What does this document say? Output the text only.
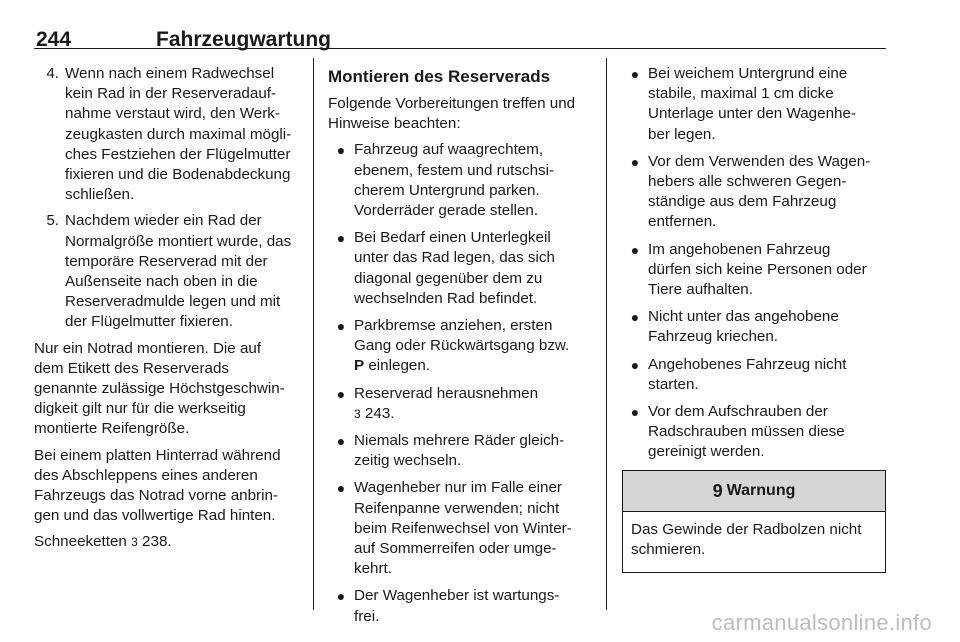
244	Fahrzeugwartung
4. Wenn nach einem Radwechsel
kein Rad in der Reserveradauf-
nahme verstaut wird, den Werk-
zeugkasten durch maximal mögli-
ches Festziehen der Flügelmutter
fixieren und die Bodenabdeckung
schließen.
5. Nachdem wieder ein Rad der
Normalgröße montiert wurde, das
temporäre Reserverad mit der
Außenseite nach oben in die
Reserveradmulde legen und mit
der Flügelmutter fixieren.
Nur ein Notrad montieren. Die auf
dem Etikett des Reserverads
genannte zulässige Höchstgeschwin-
digkeit gilt nur für die werkseitig
montierte Reifengröße.
Bei einem platten Hinterrad während
des Abschleppens eines anderen
Fahrzeugs das Notrad vorne anbrin-
gen und das vollwertige Rad hinten.
Schneeketten 3 238.
Montieren des Reserverads
Folgende Vorbereitungen treffen und
Hinweise beachten:
● Fahrzeug auf waagrechtem,
ebenem, festem und rutschsi-
cherem Untergrund parken.
Vorderräder gerade stellen.
● Bei Bedarf einen Unterlegkeil
unter das Rad legen, das sich
diagonal gegenüber dem zu
wechselnden Rad befindet.
● Parkbremse anziehen, ersten
Gang oder Rückwärtsgang bzw.
P einlegen.
● Reserverad herausnehmen
3 243.
● Niemals mehrere Räder gleich-
zeitig wechseln.
● Wagenheber nur im Falle einer
Reifenpanne verwenden; nicht
beim Reifenwechsel von Winter-
auf Sommerreifen oder umge-
kehrt.
● Der Wagenheber ist wartungs-
frei.
● Bei weichem Untergrund eine
stabile, maximal 1 cm dicke
Unterlage unter den Wagenhe-
ber legen.
● Vor dem Verwenden des Wagen-
hebers alle schweren Gegen-
ständige aus dem Fahrzeug
entfernen.
● Im angehobenen Fahrzeug
dürfen sich keine Personen oder
Tiere aufhalten.
● Nicht unter das angehobene
Fahrzeug kriechen.
● Angehobenes Fahrzeug nicht
starten.
● Vor dem Aufschrauben der
Radschrauben müssen diese
gereinigt werden.
9 Warnung
Das Gewinde der Radbolzen nicht
schmieren.
carmanualsonline.info
